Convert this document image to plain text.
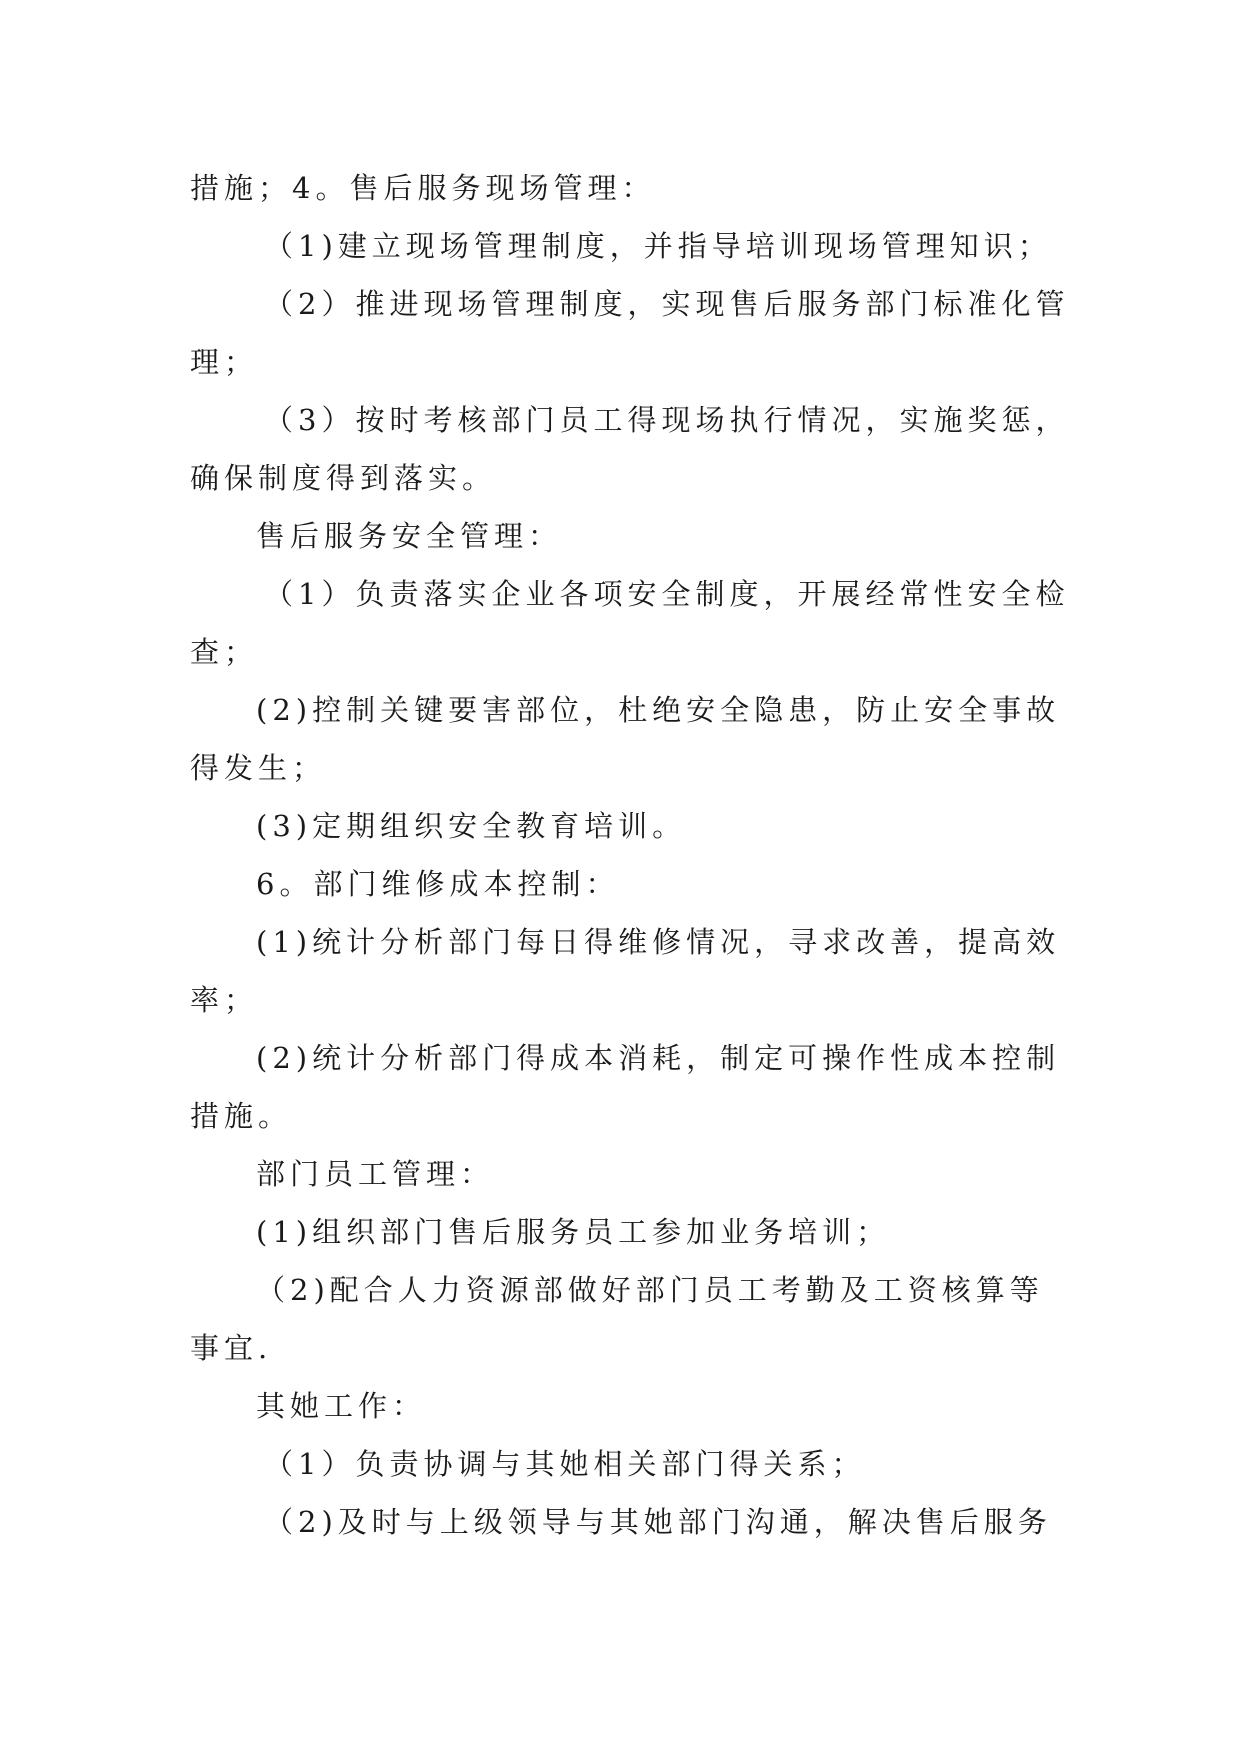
措施；4。售后服务现场管理：
（1)建立现场管理制度，并指导培训现场管理知识；
（2）推进现场管理制度，实现售后服务部门标准化管
理；
（3）按时考核部门员工得现场执行情况，实施奖惩，
确保制度得到落实。
售后服务安全管理：
（1）负责落实企业各项安全制度，开展经常性安全检
查；
(2)控制关键要害部位，杜绝安全隐患，防止安全事故
得发生；
(3)定期组织安全教育培训。
6。部门维修成本控制：
(1)统计分析部门每日得维修情况，寻求改善，提高效
率；
(2)统计分析部门得成本消耗，制定可操作性成本控制
措施。
部门员工管理：
(1)组织部门售后服务员工参加业务培训；
（2)配合人力资源部做好部门员工考勤及工资核算等
事宜.
其她工作：
（1）负责协调与其她相关部门得关系；
（2)及时与上级领导与其她部门沟通，解决售后服务
